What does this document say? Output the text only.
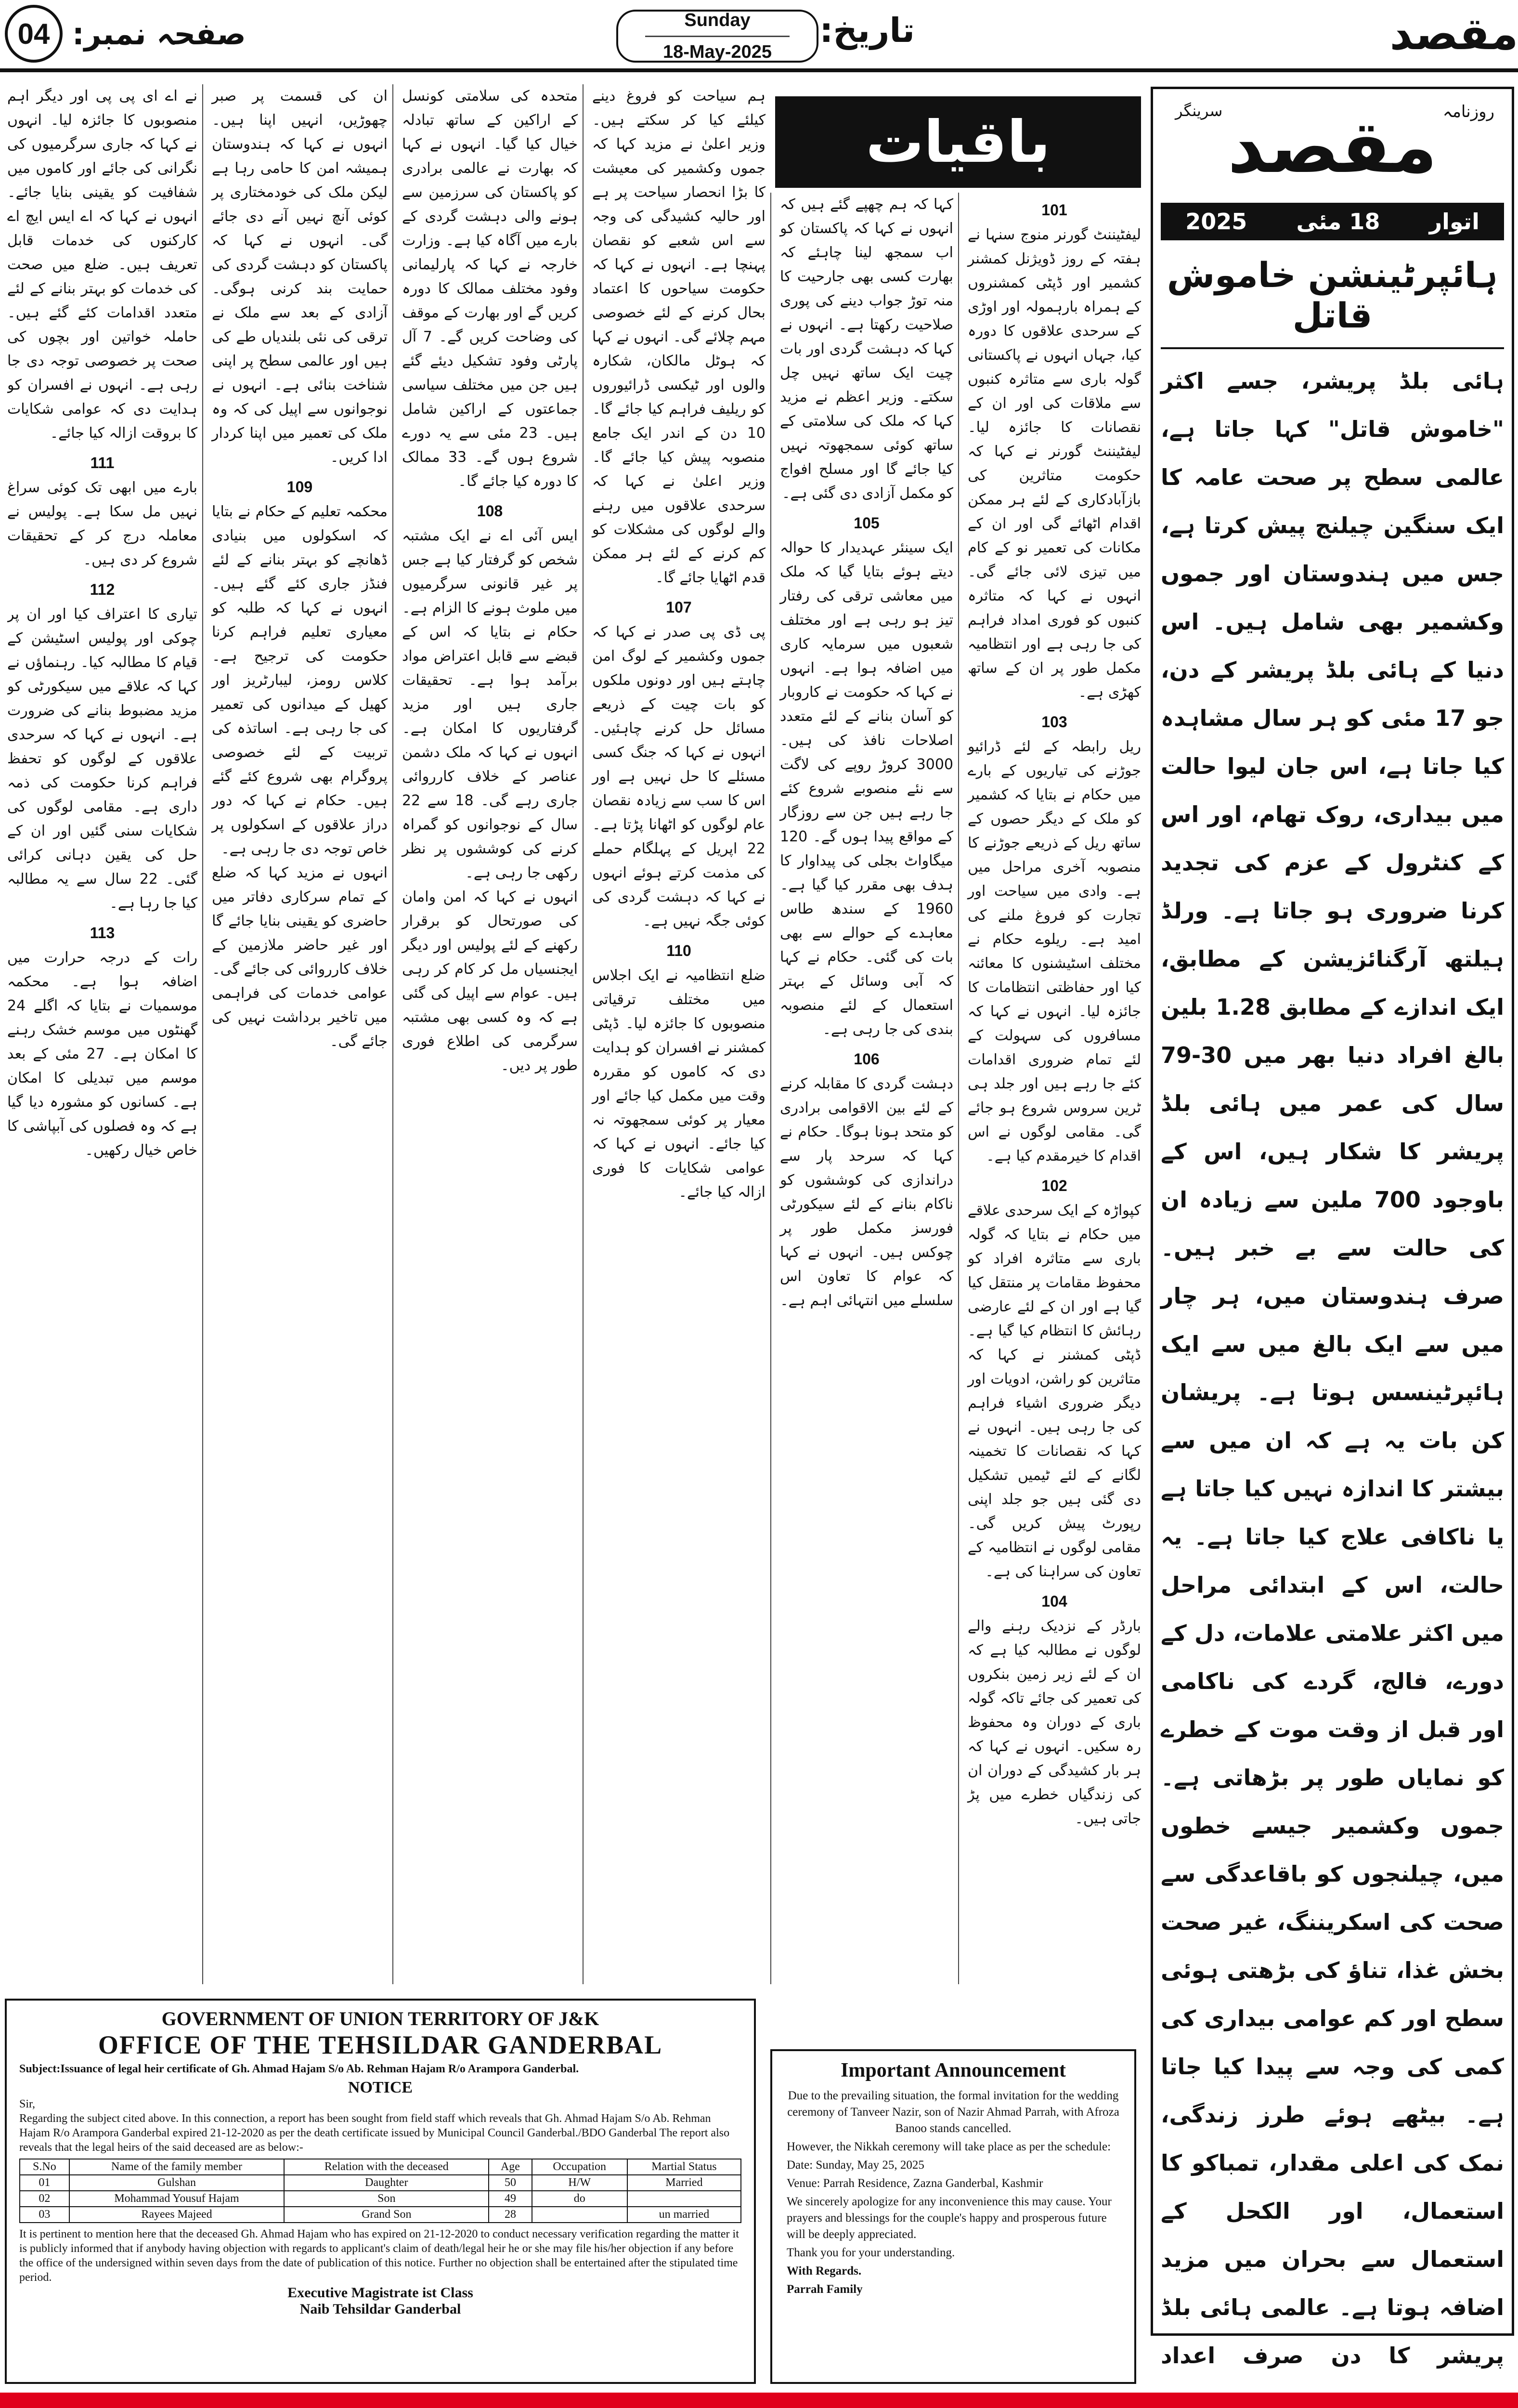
04 صفحہ نمبر:	Sunday
18-May-2025
تاریخ:	مقصد
روزنامہ
سرینگر مقصد
اتوار
18 مئی
2025
ہائپرٹینشن خاموش قاتل
ہائی بلڈ پریشر، جسے اکثر "خاموش قاتل" کہا جاتا ہے، عالمی سطح پر صحت عامہ کا ایک سنگین چیلنج پیش کرتا ہے، جس میں ہندوستان اور جموں وکشمیر بھی شامل ہیں۔ اس دنیا کے ہائی بلڈ پریشر کے دن، جو 17 مئی کو ہر سال مشاہدہ کیا جاتا ہے، اس جان لیوا حالت میں بیداری، روک تھام، اور اس کے کنٹرول کے عزم کی تجدید کرنا ضروری ہو جاتا ہے۔ ورلڈ ہیلتھ آرگنائزیشن کے مطابق، ایک اندازے کے مطابق 1.28 بلین بالغ افراد دنیا بھر میں 30-79 سال کی عمر میں ہائی بلڈ پریشر کا شکار ہیں، اس کے باوجود 700 ملین سے زیادہ ان کی حالت سے بے خبر ہیں۔ صرف ہندوستان میں، ہر چار میں سے ایک بالغ میں سے ایک ہائپرٹینسس ہوتا ہے۔ پریشان کن بات یہ ہے کہ ان میں سے بیشتر کا اندازہ نہیں کیا جاتا ہے یا ناکافی علاج کیا جاتا ہے۔ یہ حالت، اس کے ابتدائی مراحل میں اکثر علامتی علامات، دل کے دورے، فالج، گردے کی ناکامی اور قبل از وقت موت کے خطرے کو نمایاں طور پر بڑھاتی ہے۔ جموں وکشمیر جیسے خطوں میں، چیلنجوں کو باقاعدگی سے صحت کی اسکریننگ، غیر صحت بخش غذا، تناؤ کی بڑھتی ہوئی سطح اور کم عوامی بیداری کی کمی کی وجہ سے پیدا کیا جاتا ہے۔ بیٹھے ہوئے طرز زندگی، نمک کی اعلی مقدار، تمباکو کا استعمال، اور الکحل کے استعمال سے بحران میں مزید اضافہ ہوتا ہے۔ عالمی ہائی بلڈ پریشر کا دن صرف اعداد
باقیات
101
لیفٹیننٹ گورنر منوج سنہا نے ہفتہ کے روز ڈویژنل کمشنر کشمیر اور ڈپٹی کمشنروں کے ہمراہ بارہمولہ اور اوڑی کے سرحدی علاقوں کا دورہ کیا، جہاں انہوں نے پاکستانی گولہ باری سے متاثرہ کنبوں سے ملاقات کی اور ان کے نقصانات کا جائزہ لیا۔ لیفٹیننٹ گورنر نے کہا کہ حکومت متاثرین کی بازآبادکاری کے لئے ہر ممکن اقدام اٹھائے گی اور ان کے مکانات کی تعمیر نو کے کام میں تیزی لائی جائے گی۔ انہوں نے کہا کہ متاثرہ کنبوں کو فوری امداد فراہم کی جا رہی ہے اور انتظامیہ مکمل طور پر ان کے ساتھ کھڑی ہے۔
103
ریل رابطہ کے لئے ڈرائیو جوڑنے کی تیاریوں کے بارے میں حکام نے بتایا کہ کشمیر کو ملک کے دیگر حصوں کے ساتھ ریل کے ذریعے جوڑنے کا منصوبہ آخری مراحل میں ہے۔ وادی میں سیاحت اور تجارت کو فروغ ملنے کی امید ہے۔ ریلوے حکام نے مختلف اسٹیشنوں کا معائنہ کیا اور حفاظتی انتظامات کا جائزہ لیا۔ انہوں نے کہا کہ مسافروں کی سہولت کے لئے تمام ضروری اقدامات کئے جا رہے ہیں اور جلد ہی ٹرین سروس شروع ہو جائے گی۔ مقامی لوگوں نے اس اقدام کا خیرمقدم کیا ہے۔
102
کپواڑہ کے ایک سرحدی علاقے میں حکام نے بتایا کہ گولہ باری سے متاثرہ افراد کو محفوظ مقامات پر منتقل کیا گیا ہے اور ان کے لئے عارضی رہائش کا انتظام کیا گیا ہے۔ ڈپٹی کمشنر نے کہا کہ متاثرین کو راشن، ادویات اور دیگر ضروری اشیاء فراہم کی جا رہی ہیں۔ انہوں نے کہا کہ نقصانات کا تخمینہ لگانے کے لئے ٹیمیں تشکیل دی گئی ہیں جو جلد اپنی رپورٹ پیش کریں گی۔ مقامی لوگوں نے انتظامیہ کے تعاون کی سراہنا کی ہے۔
104
بارڈر کے نزدیک رہنے والے لوگوں نے مطالبہ کیا ہے کہ ان کے لئے زیر زمین بنکروں کی تعمیر کی جائے تاکہ گولہ باری کے دوران وہ محفوظ رہ سکیں۔ انہوں نے کہا کہ ہر بار کشیدگی کے دوران ان کی زندگیاں خطرے میں پڑ جاتی ہیں۔
کہا کہ ہم چھپے گئے ہیں کہ انہوں نے کہا کہ پاکستان کو اب سمجھ لینا چاہئے کہ بھارت کسی بھی جارحیت کا منہ توڑ جواب دینے کی پوری صلاحیت رکھتا ہے۔ انہوں نے کہا کہ دہشت گردی اور بات چیت ایک ساتھ نہیں چل سکتے۔ وزیر اعظم نے مزید کہا کہ ملک کی سلامتی کے ساتھ کوئی سمجھوتہ نہیں کیا جائے گا اور مسلح افواج کو مکمل آزادی دی گئی ہے۔
105
ایک سینئر عہدیدار کا حوالہ دیتے ہوئے بتایا گیا کہ ملک میں معاشی ترقی کی رفتار تیز ہو رہی ہے اور مختلف شعبوں میں سرمایہ کاری میں اضافہ ہوا ہے۔ انہوں نے کہا کہ حکومت نے کاروبار کو آسان بنانے کے لئے متعدد اصلاحات نافذ کی ہیں۔ 3000 کروڑ روپے کی لاگت سے نئے منصوبے شروع کئے جا رہے ہیں جن سے روزگار کے مواقع پیدا ہوں گے۔ 120 میگاواٹ بجلی کی پیداوار کا ہدف بھی مقرر کیا گیا ہے۔ 1960 کے سندھ طاس معاہدے کے حوالے سے بھی بات کی گئی۔ حکام نے کہا کہ آبی وسائل کے بہتر استعمال کے لئے منصوبہ بندی کی جا رہی ہے۔
106
دہشت گردی کا مقابلہ کرنے کے لئے بین الاقوامی برادری کو متحد ہونا ہوگا۔ حکام نے کہا کہ سرحد پار سے دراندازی کی کوششوں کو ناکام بنانے کے لئے سیکورٹی فورسز مکمل طور پر چوکس ہیں۔ انہوں نے کہا کہ عوام کا تعاون اس سلسلے میں انتہائی اہم ہے۔
ہم سیاحت کو فروغ دینے کیلئے کیا کر سکتے ہیں۔ وزیر اعلیٰ نے مزید کہا کہ جموں وکشمیر کی معیشت کا بڑا انحصار سیاحت پر ہے اور حالیہ کشیدگی کی وجہ سے اس شعبے کو نقصان پہنچا ہے۔ انہوں نے کہا کہ حکومت سیاحوں کا اعتماد بحال کرنے کے لئے خصوصی مہم چلائے گی۔ انہوں نے کہا کہ ہوٹل مالکان، شکارہ والوں اور ٹیکسی ڈرائیوروں کو ریلیف فراہم کیا جائے گا۔ 10 دن کے اندر ایک جامع منصوبہ پیش کیا جائے گا۔ وزیر اعلیٰ نے کہا کہ سرحدی علاقوں میں رہنے والے لوگوں کی مشکلات کو کم کرنے کے لئے ہر ممکن قدم اٹھایا جائے گا۔
107
پی ڈی پی صدر نے کہا کہ جموں وکشمیر کے لوگ امن چاہتے ہیں اور دونوں ملکوں کو بات چیت کے ذریعے مسائل حل کرنے چاہئیں۔ انہوں نے کہا کہ جنگ کسی مسئلے کا حل نہیں ہے اور اس کا سب سے زیادہ نقصان عام لوگوں کو اٹھانا پڑتا ہے۔ 22 اپریل کے پہلگام حملے کی مذمت کرتے ہوئے انہوں نے کہا کہ دہشت گردی کی کوئی جگہ نہیں ہے۔
110
ضلع انتظامیہ نے ایک اجلاس میں مختلف ترقیاتی منصوبوں کا جائزہ لیا۔ ڈپٹی کمشنر نے افسران کو ہدایت دی کہ کاموں کو مقررہ وقت میں مکمل کیا جائے اور معیار پر کوئی سمجھوتہ نہ کیا جائے۔ انہوں نے کہا کہ عوامی شکایات کا فوری ازالہ کیا جائے۔
متحدہ کی سلامتی کونسل کے اراکین کے ساتھ تبادلہ خیال کیا گیا۔ انہوں نے کہا کہ بھارت نے عالمی برادری کو پاکستان کی سرزمین سے ہونے والی دہشت گردی کے بارے میں آگاہ کیا ہے۔ وزارت خارجہ نے کہا کہ پارلیمانی وفود مختلف ممالک کا دورہ کریں گے اور بھارت کے موقف کی وضاحت کریں گے۔ 7 آل پارٹی وفود تشکیل دیئے گئے ہیں جن میں مختلف سیاسی جماعتوں کے اراکین شامل ہیں۔ 23 مئی سے یہ دورے شروع ہوں گے۔ 33 ممالک کا دورہ کیا جائے گا۔
108
ایس آئی اے نے ایک مشتبہ شخص کو گرفتار کیا ہے جس پر غیر قانونی سرگرمیوں میں ملوث ہونے کا الزام ہے۔ حکام نے بتایا کہ اس کے قبضے سے قابل اعتراض مواد برآمد ہوا ہے۔ تحقیقات جاری ہیں اور مزید گرفتاریوں کا امکان ہے۔ انہوں نے کہا کہ ملک دشمن عناصر کے خلاف کارروائی جاری رہے گی۔ 18 سے 22 سال کے نوجوانوں کو گمراہ کرنے کی کوششوں پر نظر رکھی جا رہی ہے۔
انہوں نے کہا کہ امن وامان کی صورتحال کو برقرار رکھنے کے لئے پولیس اور دیگر ایجنسیاں مل کر کام کر رہی ہیں۔ عوام سے اپیل کی گئی ہے کہ وہ کسی بھی مشتبہ سرگرمی کی اطلاع فوری طور پر دیں۔
ان کی قسمت پر صبر چھوڑیں، انہیں اپنا ہیں۔ انہوں نے کہا کہ ہندوستان ہمیشہ امن کا حامی رہا ہے لیکن ملک کی خودمختاری پر کوئی آنچ نہیں آنے دی جائے گی۔ انہوں نے کہا کہ پاکستان کو دہشت گردی کی حمایت بند کرنی ہوگی۔ آزادی کے بعد سے ملک نے ترقی کی نئی بلندیاں طے کی ہیں اور عالمی سطح پر اپنی شناخت بنائی ہے۔ انہوں نے نوجوانوں سے اپیل کی کہ وہ ملک کی تعمیر میں اپنا کردار ادا کریں۔
109
محکمہ تعلیم کے حکام نے بتایا کہ اسکولوں میں بنیادی ڈھانچے کو بہتر بنانے کے لئے فنڈز جاری کئے گئے ہیں۔ انہوں نے کہا کہ طلبہ کو معیاری تعلیم فراہم کرنا حکومت کی ترجیح ہے۔ کلاس رومز، لیبارٹریز اور کھیل کے میدانوں کی تعمیر کی جا رہی ہے۔ اساتذہ کی تربیت کے لئے خصوصی پروگرام بھی شروع کئے گئے ہیں۔ حکام نے کہا کہ دور دراز علاقوں کے اسکولوں پر خاص توجہ دی جا رہی ہے۔
انہوں نے مزید کہا کہ ضلع کے تمام سرکاری دفاتر میں حاضری کو یقینی بنایا جائے گا اور غیر حاضر ملازمین کے خلاف کارروائی کی جائے گی۔ عوامی خدمات کی فراہمی میں تاخیر برداشت نہیں کی جائے گی۔
نے اے ای پی پی اور دیگر اہم منصوبوں کا جائزہ لیا۔ انہوں نے کہا کہ جاری سرگرمیوں کی نگرانی کی جائے اور کاموں میں شفافیت کو یقینی بنایا جائے۔ انہوں نے کہا کہ اے ایس ایچ اے کارکنوں کی خدمات قابل تعریف ہیں۔ ضلع میں صحت کی خدمات کو بہتر بنانے کے لئے متعدد اقدامات کئے گئے ہیں۔ حاملہ خواتین اور بچوں کی صحت پر خصوصی توجہ دی جا رہی ہے۔ انہوں نے افسران کو ہدایت دی کہ عوامی شکایات کا بروقت ازالہ کیا جائے۔
111
بارے میں ابھی تک کوئی سراغ نہیں مل سکا ہے۔ پولیس نے معاملہ درج کر کے تحقیقات شروع کر دی ہیں۔
112
تیاری کا اعتراف کیا اور ان پر چوکی اور پولیس اسٹیشن کے قیام کا مطالبہ کیا۔ رہنماؤں نے کہا کہ علاقے میں سیکورٹی کو مزید مضبوط بنانے کی ضرورت ہے۔ انہوں نے کہا کہ سرحدی علاقوں کے لوگوں کو تحفظ فراہم کرنا حکومت کی ذمہ داری ہے۔ مقامی لوگوں کی شکایات سنی گئیں اور ان کے حل کی یقین دہانی کرائی گئی۔ 22 سال سے یہ مطالبہ کیا جا رہا ہے۔
113
رات کے درجہ حرارت میں اضافہ ہوا ہے۔ محکمہ موسمیات نے بتایا کہ اگلے 24 گھنٹوں میں موسم خشک رہنے کا امکان ہے۔ 27 مئی کے بعد موسم میں تبدیلی کا امکان ہے۔ کسانوں کو مشورہ دیا گیا ہے کہ وہ فصلوں کی آبپاشی کا خاص خیال رکھیں۔
GOVERNMENT OF UNION TERRITORY OF J&K
OFFICE OF THE TEHSILDAR GANDERBAL
Subject:Issuance of legal heir certificate of Gh. Ahmad Hajam S/o Ab. Rehman Hajam R/o Arampora Ganderbal.
NOTICE
Sir,
Regarding the subject cited above. In this connection, a report has been sought from field staff which reveals that Gh. Ahmad Hajam S/o Ab. Rehman Hajam R/o Arampora Ganderbal expired 21-12-2020 as per the death certificate issued by Municipal Council Ganderbal./BDO Ganderbal The report also reveals that the legal heirs of the said deceased are as below:-
S.No	Name of the family member	Relation with the deceased	Age	Occupation	Martial Status
01	Gulshan	Daughter	50	H/W	Married
02	Mohammad Yousuf Hajam	Son	49	do	
03	Rayees Majeed	Grand Son	28		un married
It is pertinent to mention here that the deceased Gh. Ahmad Hajam who has expired on 21-12-2020 to conduct necessary verification regarding the matter it is publicly informed that if anybody having objection with regards to applicant's claim of death/legal heir he or she may file his/her objection if any before the office of the undersigned within seven days from the date of publication of this notice. Further no objection shall be entertained after the stipulated time period.
Executive Magistrate ist Class
Naib Tehsildar Ganderbal
Important Announcement

Due to the prevailing situation, the formal invitation for the wedding ceremony of Tanveer Nazir, son of Nazir Ahmad Parrah, with Afroza Banoo stands cancelled.

However, the Nikkah ceremony will take place as per the schedule:

Date: Sunday, May 25, 2025

Venue: Parrah Residence, Zazna Ganderbal, Kashmir

We sincerely apologize for any inconvenience this may cause. Your prayers and blessings for the couple's happy and prosperous future will be deeply appreciated.

Thank you for your understanding.

With Regards.

Parrah Family
